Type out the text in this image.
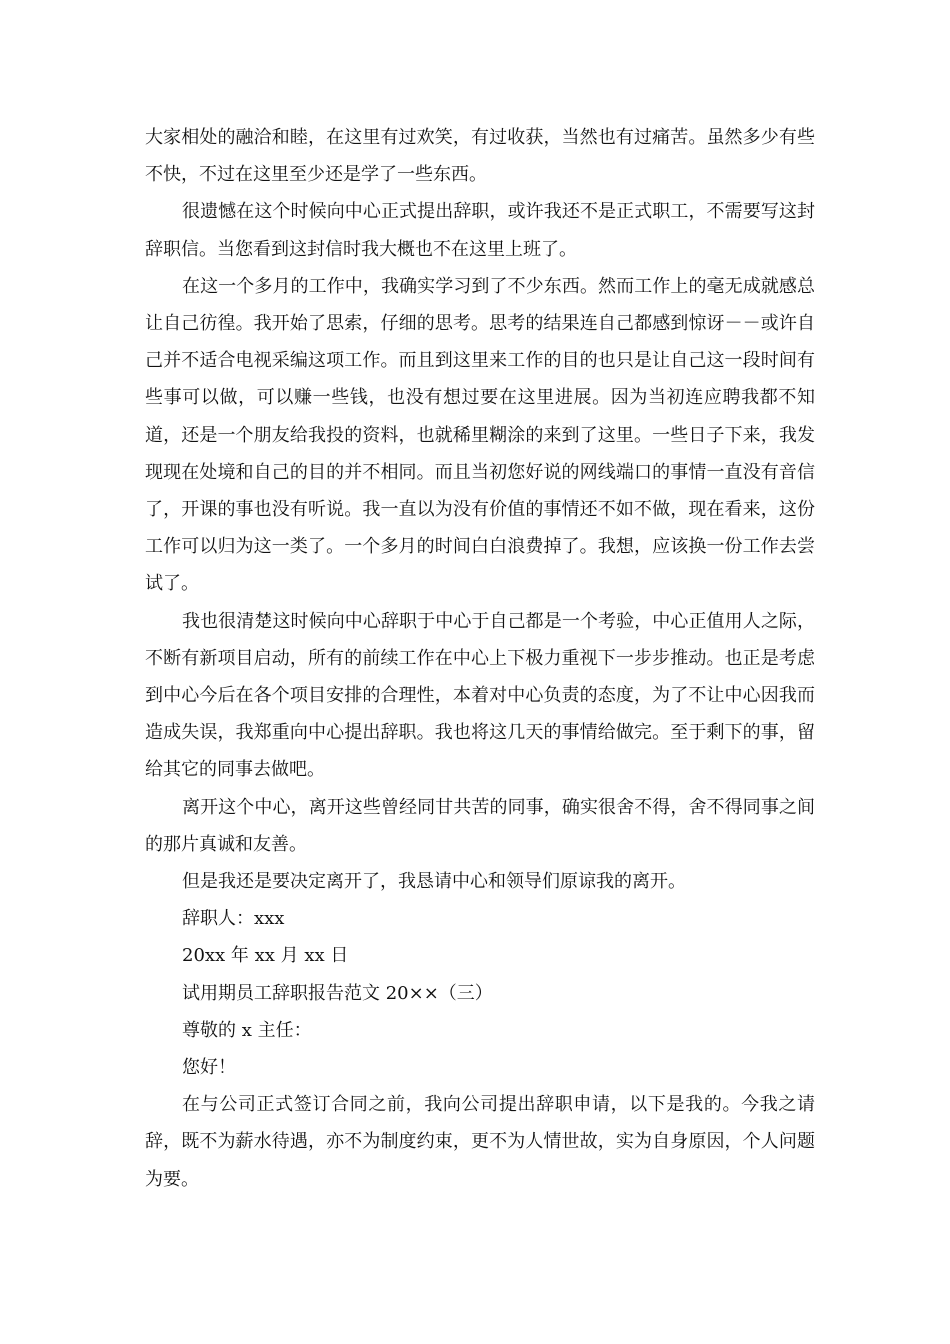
大家相处的融洽和睦，在这里有过欢笑，有过收获，当然也有过痛苦。虽然多少有些不快，不过在这里至少还是学了一些东西。

很遗憾在这个时候向中心正式提出辞职，或许我还不是正式职工，不需要写这封辞职信。当您看到这封信时我大概也不在这里上班了。

在这一个多月的工作中，我确实学习到了不少东西。然而工作上的毫无成就感总让自己彷徨。我开始了思索，仔细的思考。思考的结果连自己都感到惊讶－－或许自己并不适合电视采编这项工作。而且到这里来工作的目的也只是让自己这一段时间有些事可以做，可以赚一些钱，也没有想过要在这里进展。因为当初连应聘我都不知道，还是一个朋友给我投的资料，也就稀里糊涂的来到了这里。一些日子下来，我发现现在处境和自己的目的并不相同。而且当初您好说的网线端口的事情一直没有音信了，开课的事也没有听说。我一直以为没有价值的事情还不如不做，现在看来，这份工作可以归为这一类了。一个多月的时间白白浪费掉了。我想，应该换一份工作去尝试了。

我也很清楚这时候向中心辞职于中心于自己都是一个考验，中心正值用人之际，不断有新项目启动，所有的前续工作在中心上下极力重视下一步步推动。也正是考虑到中心今后在各个项目安排的合理性，本着对中心负责的态度，为了不让中心因我而造成失误，我郑重向中心提出辞职。我也将这几天的事情给做完。至于剩下的事，留给其它的同事去做吧。

离开这个中心，离开这些曾经同甘共苦的同事，确实很舍不得，舍不得同事之间的那片真诚和友善。

但是我还是要决定离开了，我恳请中心和领导们原谅我的离开。

辞职人：xxx

20xx 年 xx 月 xx 日

试用期员工辞职报告范文 20××（三）

尊敬的 x 主任：

您好！

在与公司正式签订合同之前，我向公司提出辞职申请，以下是我的。今我之请辞，既不为薪水待遇，亦不为制度约束，更不为人情世故，实为自身原因，个人问题为要。
